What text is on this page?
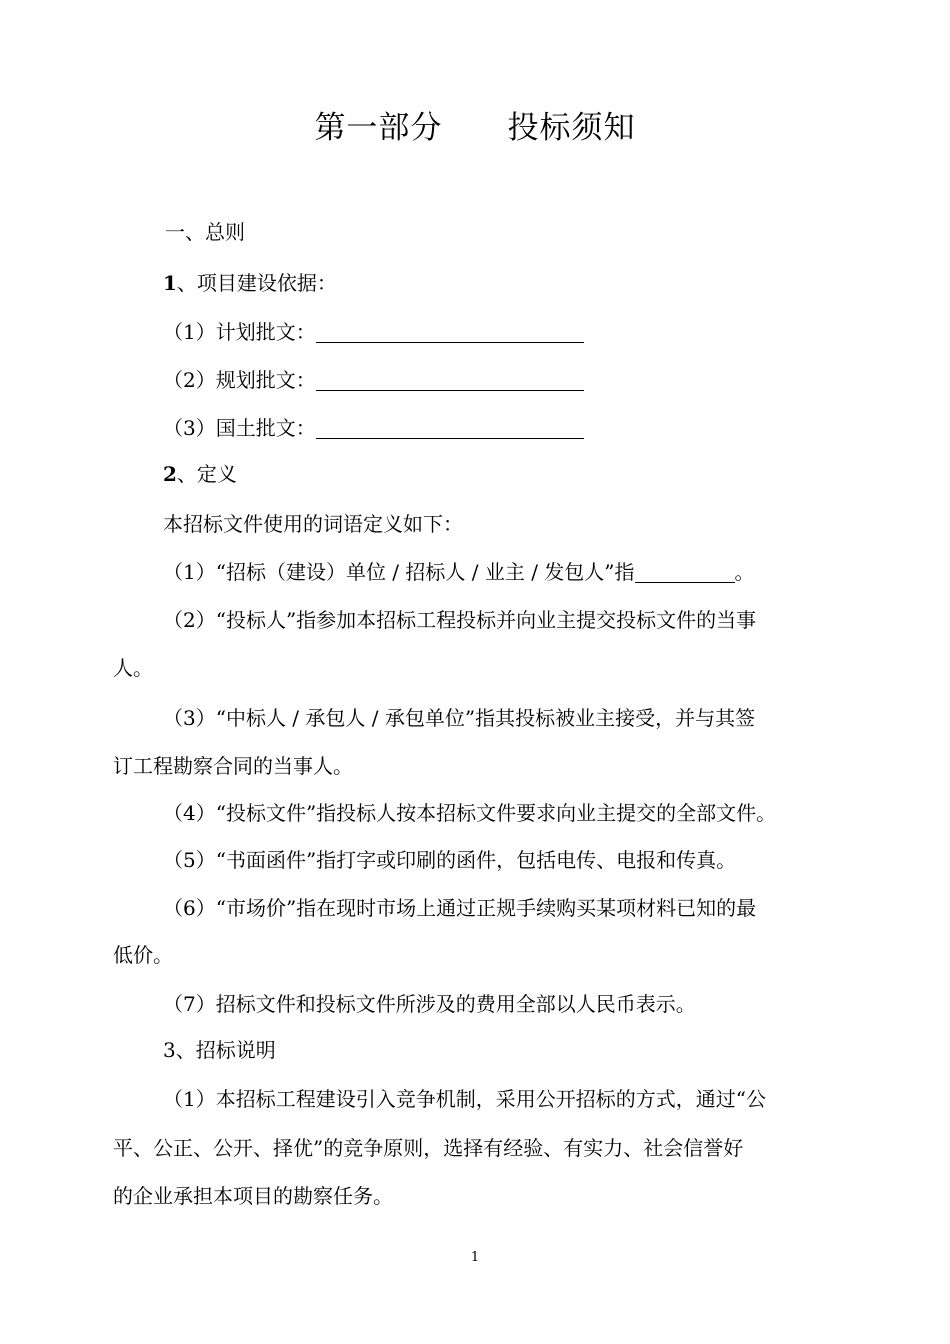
第一部分      投标须知
一、总则
1、项目建设依据：
（1）计划批文：
（2）规划批文：
（3）国土批文：
2、定义
本招标文件使用的词语定义如下：
（1）“招标（建设）单位 / 招标人 / 业主 / 发包人”指	。
（2）“投标人”指参加本招标工程投标并向业主提交投标文件的当事
人。
（3）“中标人 / 承包人 / 承包单位”指其投标被业主接受，并与其签
订工程勘察合同的当事人。
（4）“投标文件”指投标人按本招标文件要求向业主提交的全部文件。
（5）“书面函件”指打字或印刷的函件，包括电传、电报和传真。
（6）“市场价”指在现时市场上通过正规手续购买某项材料已知的最
低价。
（7）招标文件和投标文件所涉及的费用全部以人民币表示。
3、招标说明
（1）本招标工程建设引入竞争机制，采用公开招标的方式，通过“公
平、公正、公开、择优”的竞争原则，选择有经验、有实力、社会信誉好
的企业承担本项目的勘察任务。
1
